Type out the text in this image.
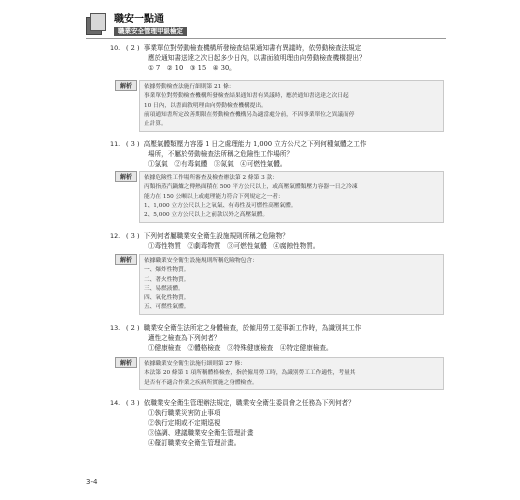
職安一點通
職業安全管理甲級檢定
10. ( 2 ) 事業單位對勞動檢查機構所發檢查結果通知書有異議時，依勞動檢查法規定
應於通知書送達之次日起多少日內，以書面敘明理由向勞動檢查機構提出？
① 7　② 10　③ 15　④ 30。
解析	依據勞動檢查法施行細則第 21 條：
事業單位對勞動檢查機構所發檢查結果通知書有異議時，應於通知書送達之次日起
10 日內，以書面敘明理由向勞動檢查機構提出。
前項通知書所定改善期限在勞動檢查機構另為適當處分前，不因事業單位之異議而停
止計算。
11. ( 3 ) 高壓氣體類壓力容器 1 日之處理能力 1,000 立方公尺之下列何種氣體之工作
場所，不屬於勞動檢查法所稱之危險性工作場所？
①氯氣　②有毒氣體　③氮氣　④可燃性氣體。
解析	依據危險性工作場所審查及檢查辦法第 2 條第 3 款：
丙類指蒸汽鍋爐之傳熱面積在 500 平方公尺以上，或高壓氣體類壓力容器一日之冷凍
能力在 150 公噸以上或處理能力符合下列規定之一者：
1、1,000 立方公尺以上之氧氣、有毒性及可燃性高壓氣體。
2、5,000 立方公尺以上之前款以外之高壓氣體。
12. ( 3 ) 下列何者屬職業安全衛生設施規則所稱之危險物？
①毒性物質　②劇毒物質　③可燃性氣體　④腐蝕性物質。
解析	依據職業安全衛生設施規則所稱危險物包含：
一、爆炸性物質。
二、著火性物質。
三、易燃液體。
四、氧化性物質。
五、可燃性氣體。
13. ( 2 ) 職業安全衛生法所定之身體檢查，於僱用勞工從事新工作時，為識別其工作
適性之檢查為下列何者？
①健康檢查　②體格檢查　③特殊健康檢查　④特定健康檢查。
解析	依據職業安全衛生法施行細則第 27 條：
本法第 20 條第 1 項所稱體格檢查，指於僱用勞工時，為識別勞工工作適性，考量其
是否有不適合作業之疾病所實施之身體檢查。
14. ( 3 ) 依職業安全衛生管理辦法規定，職業安全衛生委員會之任務為下列何者？
①執行職業災害防止事項
②執行定期或不定期巡視
③協調、建議職業安全衛生管理計畫
④釐訂職業安全衛生管理計畫。
3-4
